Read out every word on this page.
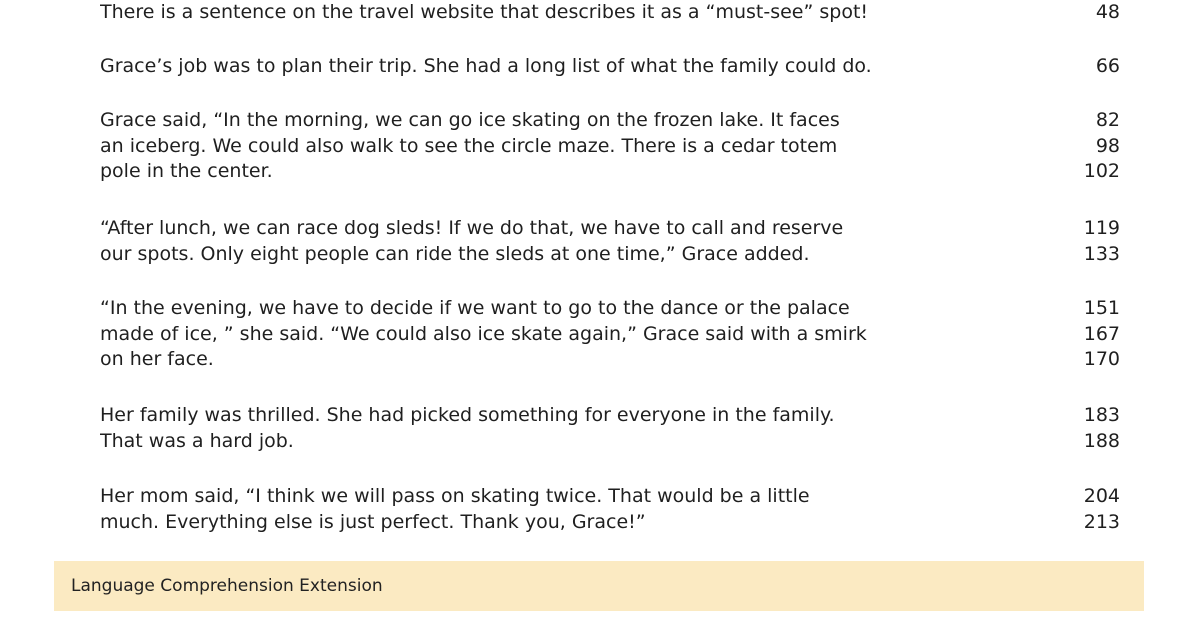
There is a sentence on the travel website that describes it as a “must-see” spot!	48
Grace’s job was to plan their trip. She had a long list of what the family could do.	66
Grace said, “In the morning, we can go ice skating on the frozen lake. It faces	82
an iceberg. We could also walk to see the circle maze. There is a cedar totem	98
pole in the center.	102
“After lunch, we can race dog sleds! If we do that, we have to call and reserve	119
our spots. Only eight people can ride the sleds at one time,” Grace added.	133
“In the evening, we have to decide if we want to go to the dance or the palace	151
made of ice, ” she said. “We could also ice skate again,” Grace said with a smirk	167
on her face.	170
Her family was thrilled. She had picked something for everyone in the family.	183
That was a hard job.	188
Her mom said, “I think we will pass on skating twice. That would be a little	204
much. Everything else is just perfect. Thank you, Grace!”	213
Language Comprehension Extension
